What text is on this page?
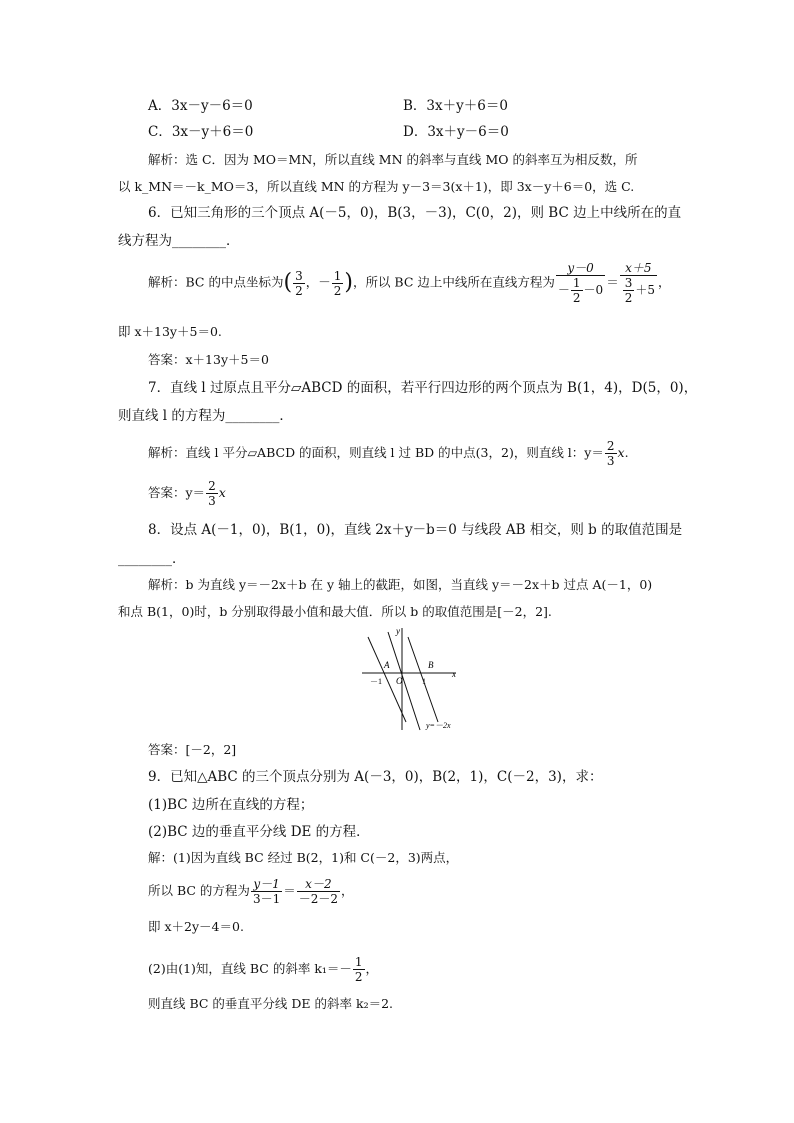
A．3x－y－6＝0	B．3x＋y＋6＝0
C．3x－y＋6＝0	D．3x＋y－6＝0
解析：选 C．因为 MO＝MN，所以直线 MN 的斜率与直线 MO 的斜率互为相反数，所
以 k_MN＝－k_MO＝3，所以直线 MN 的方程为 y－3＝3(x＋1)，即 3x－y＋6＝0，选 C.
6．已知三角形的三个顶点 A(－5，0)，B(3，－3)，C(0，2)，则 BC 边上中线所在的直
线方程为________．
解析：BC 的中点坐标为( $\frac{3}{2}$ ，－ $\frac{1}{2}$ )，所以 BC 边上中线所在直线方程为 $\frac{y-0}{- \frac{1}{2} -0} = \frac{x+5}{\frac{3}{2} +5}$ ，
即 x＋13y＋5＝0.
答案：x＋13y＋5＝0
7．直线 l 过原点且平分▱ABCD 的面积，若平行四边形的两个顶点为 B(1，4)，D(5，0)，
则直线 l 的方程为________．
解析：直线 l 平分▱ABCD 的面积，则直线 l 过 BD 的中点(3，2)，则直线 l：$y= \frac{2}{3} x$.
答案：$y= \frac{2}{3}$ x
8．设点 A(－1，0)，B(1，0)，直线 2x＋y－b＝0 与线段 AB 相交，则 b 的取值范围是
________．
解析：b 为直线 y＝－2x＋b 在 y 轴上的截距，如图，当直线 y＝－2x＋b 过点 A(－1，0)
和点 B(1，0)时，b 分别取得最小值和最大值．所以 b 的取值范围是[－2，2].
y
x
A	B
O
－1	1
y=－2x
答案：[－2，2]
9．已知△ABC 的三个顶点分别为 A(－3，0)，B(2，1)，C(－2，3)，求：
(1)BC 边所在直线的方程；
(2)BC 边的垂直平分线 DE 的方程．
解：(1)因为直线 BC 经过 B(2，1)和 C(－2，3)两点，
所以 BC 的方程为 $\frac{y-1}{3-1} = \frac{x-2}{-2-2}$ ，
即 x＋2y－4＝0.
(2)由(1)知，直线 BC 的斜率 $k_1=- \frac{1}{2}$ ，
则直线 BC 的垂直平分线 DE 的斜率 k₂＝2.
